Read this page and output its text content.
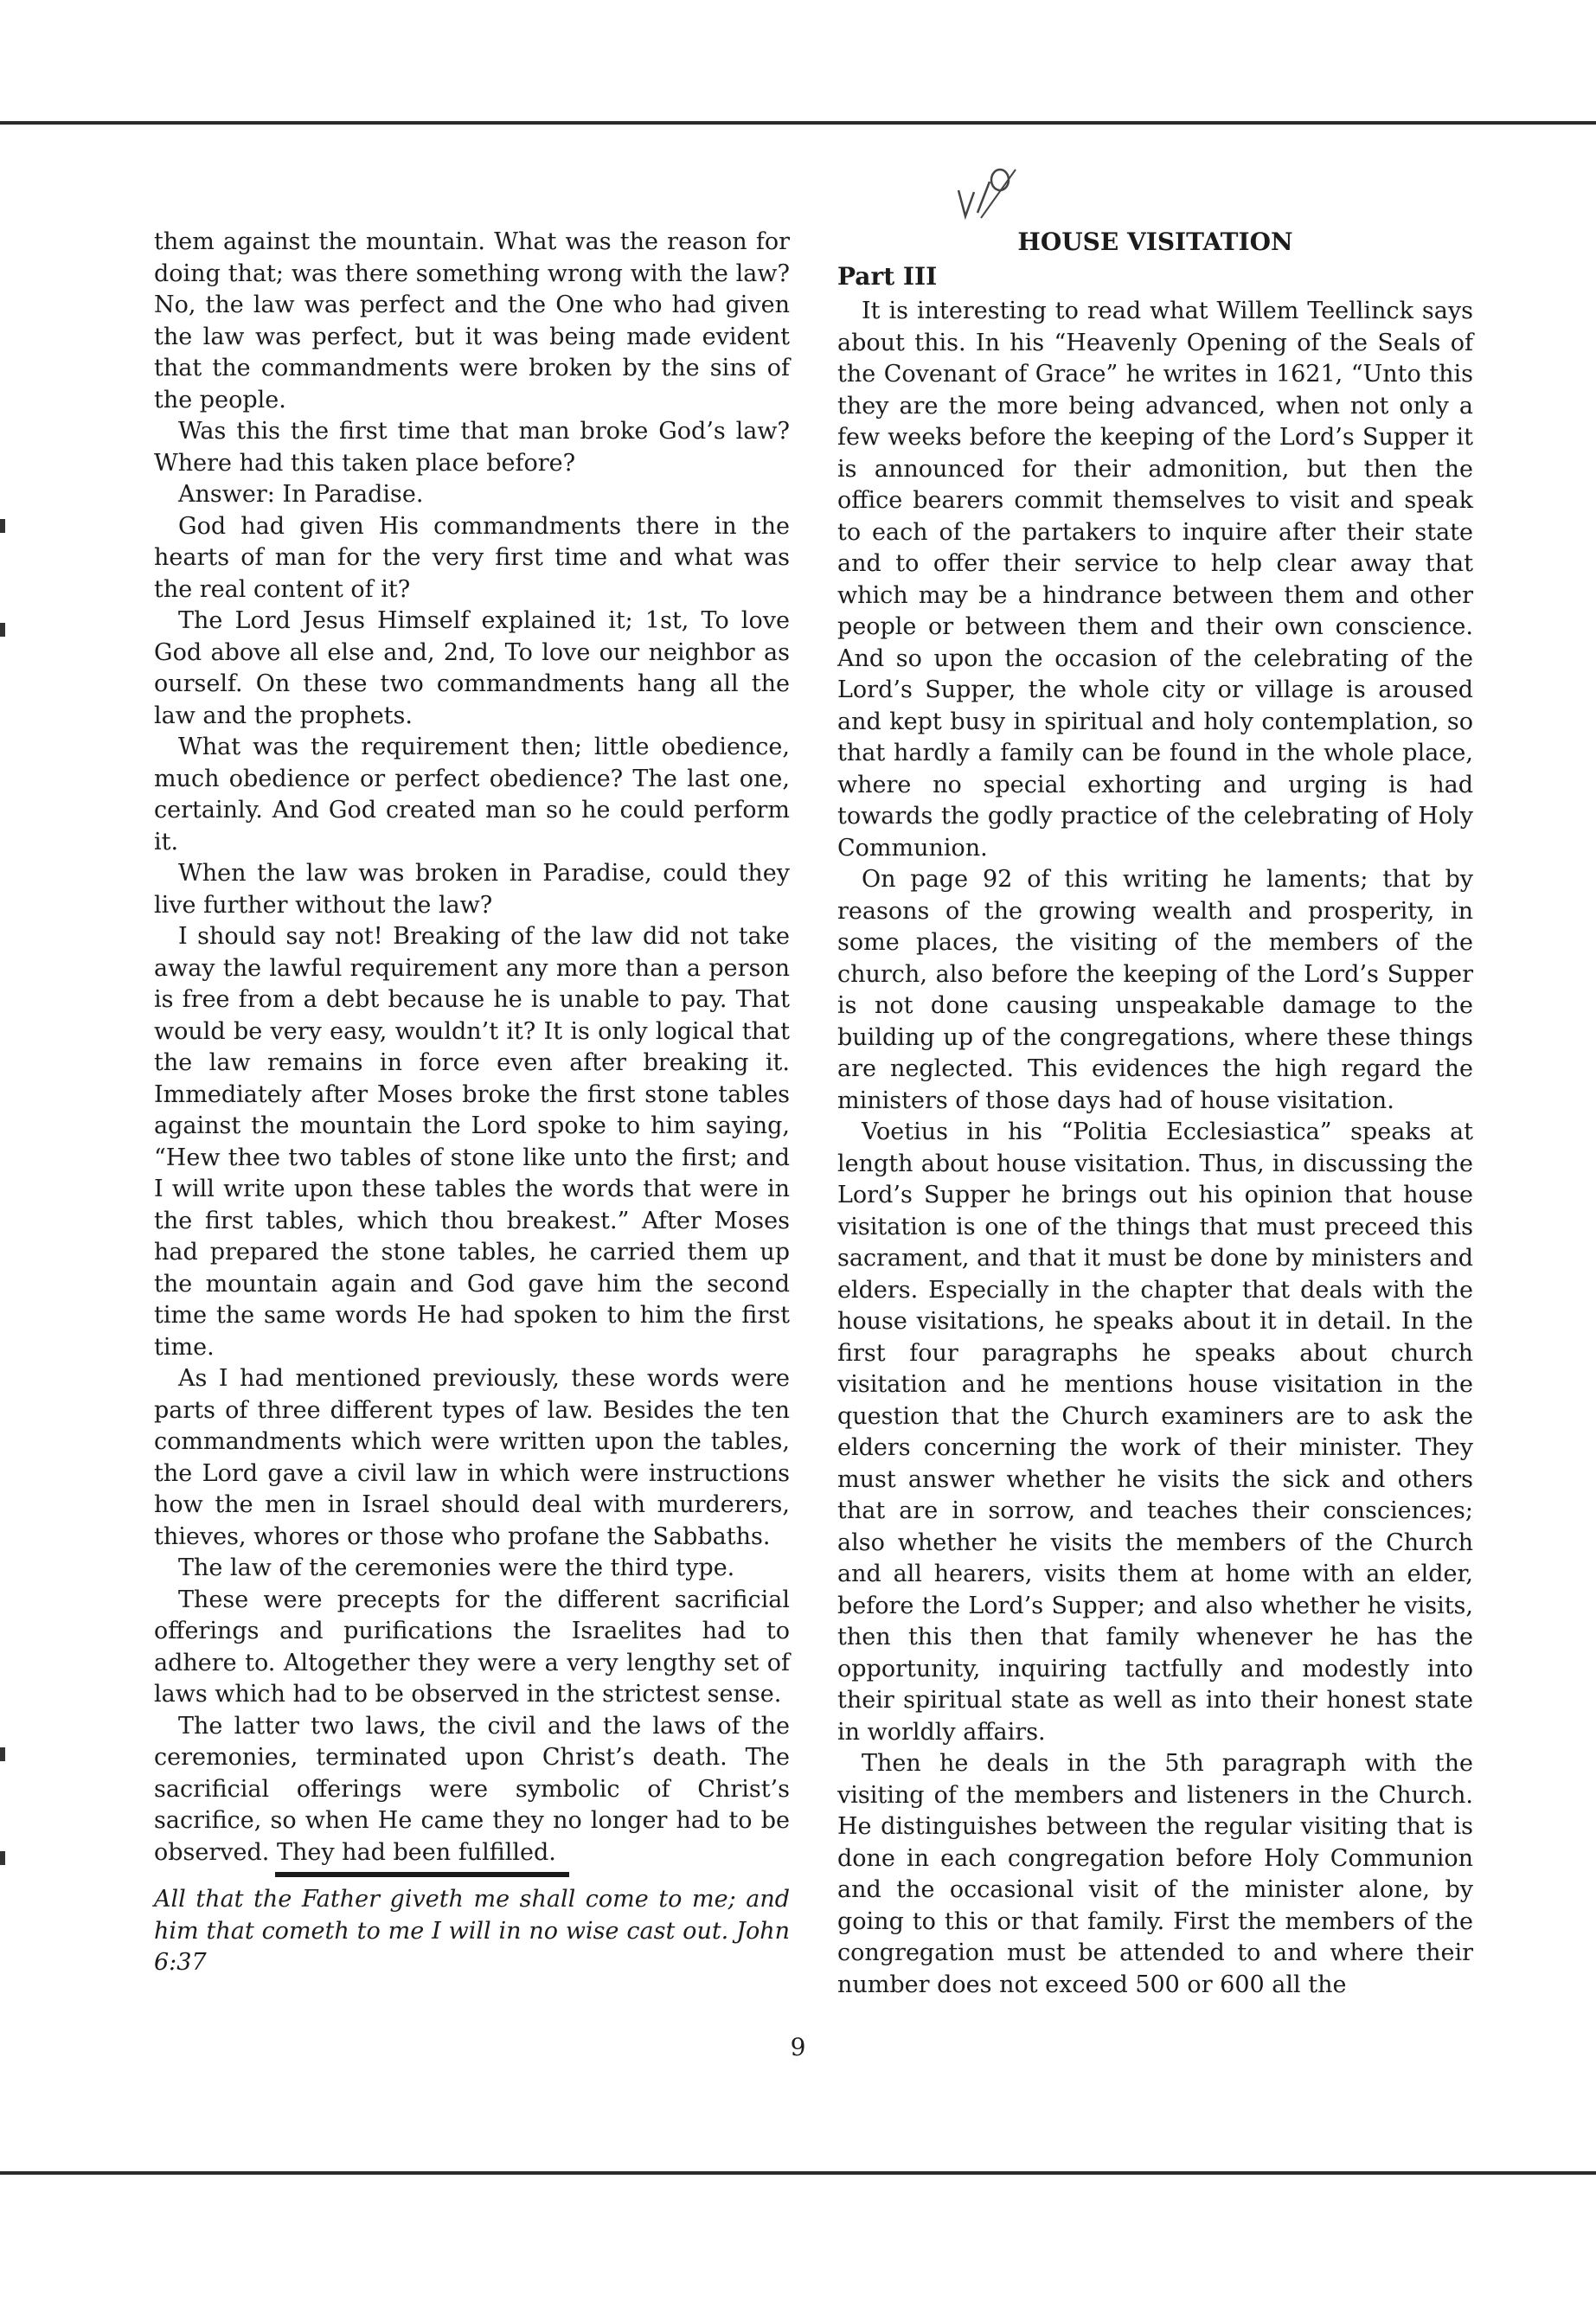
them against the mountain. What was the reason for doing that; was there something wrong with the law? No, the law was perfect and the One who had given the law was perfect, but it was being made evident that the commandments were broken by the sins of the people.

Was this the first time that man broke God’s law? Where had this taken place before?

Answer: In Paradise.

God had given His commandments there in the hearts of man for the very first time and what was the real content of it?

The Lord Jesus Himself explained it; 1st, To love God above all else and, 2nd, To love our neighbor as ourself. On these two commandments hang all the law and the prophets.

What was the requirement then; little obedience, much obedience or perfect obedience? The last one, certainly. And God created man so he could perform it.

When the law was broken in Paradise, could they live further without the law?

I should say not! Breaking of the law did not take away the lawful requirement any more than a person is free from a debt because he is unable to pay. That would be very easy, wouldn’t it? It is only logical that the law remains in force even after breaking it. Immediately after Moses broke the first stone tables against the mountain the Lord spoke to him saying, “Hew thee two tables of stone like unto the first; and I will write upon these tables the words that were in the first tables, which thou breakest.” After Moses had prepared the stone tables, he carried them up the mountain again and God gave him the second time the same words He had spoken to him the first time.

As I had mentioned previously, these words were parts of three different types of law. Besides the ten commandments which were written upon the tables, the Lord gave a civil law in which were instructions how the men in Israel should deal with murderers, thieves, whores or those who profane the Sabbaths.

The law of the ceremonies were the third type.

These were precepts for the different sacrificial offerings and purifications the Israelites had to adhere to. Altogether they were a very lengthy set of laws which had to be observed in the strictest sense.

The latter two laws, the civil and the laws of the ceremonies, terminated upon Christ’s death. The sacrificial offerings were symbolic of Christ’s sacrifice, so when He came they no longer had to be observed. They had been fulfilled.

All that the Father giveth me shall come to me; and him that cometh to me I will in no wise cast out. John 6:37

HOUSE VISITATION

Part III

It is interesting to read what Willem Teellinck says about this. In his “Heavenly Opening of the Seals of the Covenant of Grace” he writes in 1621, “Unto this they are the more being advanced, when not only a few weeks before the keeping of the Lord’s Supper it is announced for their admonition, but then the office bearers commit themselves to visit and speak to each of the partakers to inquire after their state and to offer their service to help clear away that which may be a hindrance between them and other people or between them and their own conscience. And so upon the occasion of the celebrating of the Lord’s Supper, the whole city or village is aroused and kept busy in spiritual and holy contemplation, so that hardly a family can be found in the whole place, where no special exhorting and urging is had towards the godly practice of the celebrating of Holy Communion.

On page 92 of this writing he laments; that by reasons of the growing wealth and prosperity, in some places, the visiting of the members of the church, also before the keeping of the Lord’s Supper is not done causing unspeakable damage to the building up of the congregations, where these things are neglected. This evidences the high regard the ministers of those days had of house visitation.

Voetius in his “Politia Ecclesiastica” speaks at length about house visitation. Thus, in discussing the Lord’s Supper he brings out his opinion that house visitation is one of the things that must preceed this sacrament, and that it must be done by ministers and elders. Especially in the chapter that deals with the house visitations, he speaks about it in detail. In the first four paragraphs he speaks about church visitation and he mentions house visitation in the question that the Church examiners are to ask the elders concerning the work of their minister. They must answer whether he visits the sick and others that are in sorrow, and teaches their consciences; also whether he visits the members of the Church and all hearers, visits them at home with an elder, before the Lord’s Supper; and also whether he visits, then this then that family whenever he has the opportunity, inquiring tactfully and modestly into their spiritual state as well as into their honest state in worldly affairs.

Then he deals in the 5th paragraph with the visiting of the members and listeners in the Church. He distinguishes between the regular visiting that is done in each congregation before Holy Communion and the occasional visit of the minister alone, by going to this or that family. First the members of the congregation must be attended to and where their number does not exceed 500 or 600 all the

9
